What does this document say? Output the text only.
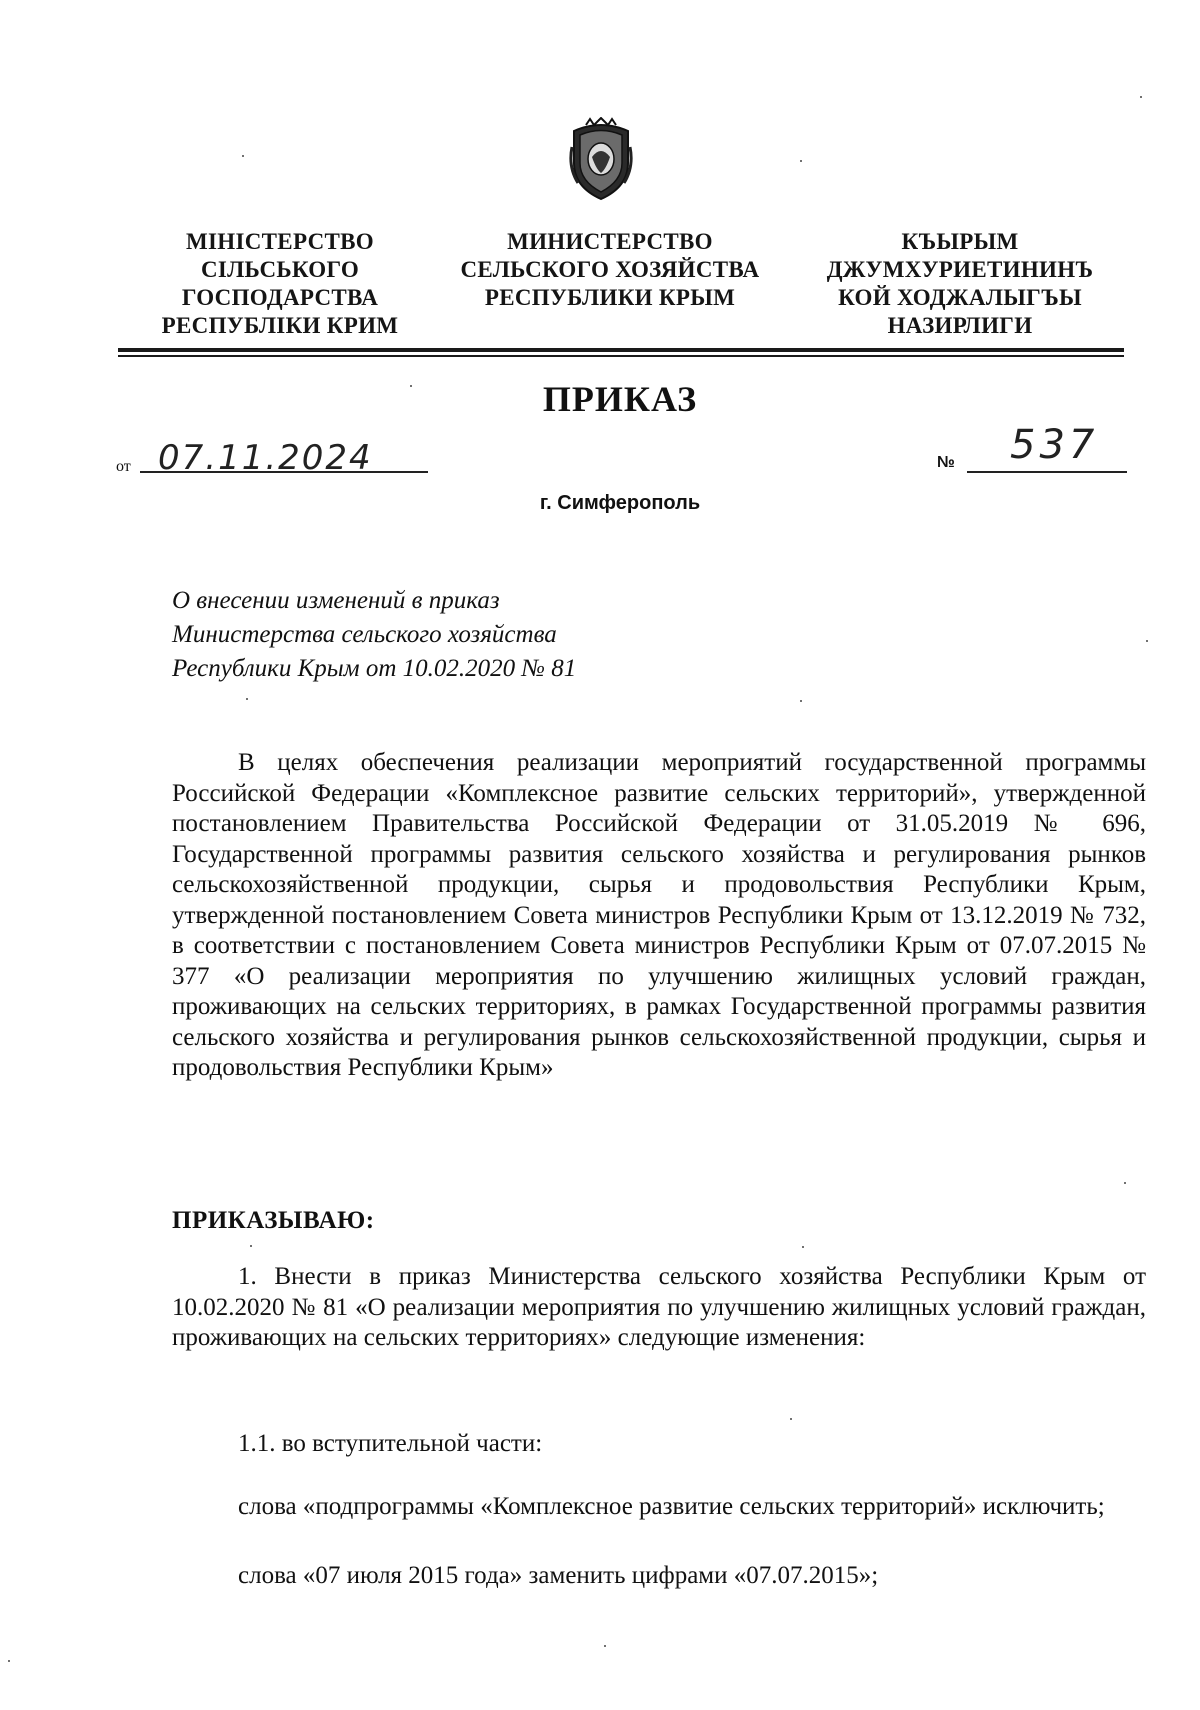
МІНІСТЕРСТВО
СІЛЬСЬКОГО
ГОСПОДАРСТВА
РЕСПУБЛІКИ КРИМ
МИНИСТЕРСТВО
СЕЛЬСКОГО ХОЗЯЙСТВА
РЕСПУБЛИКИ КРЫМ
КЪЫРЫМ
ДЖУМХУРИЕТИНИНЪ
КОЙ ХОДЖАЛЫГЪЫ
НАЗИРЛИГИ
ПРИКАЗ
от 07.11.2024	№ 537
г. Симферополь
О внесении изменений в приказ
Министерства сельского хозяйства
Республики Крым от 10.02.2020 № 81
В целях обеспечения реализации мероприятий государственной программы Российской Федерации «Комплексное развитие сельских территорий», утвержденной постановлением Правительства Российской Федерации от 31.05.2019 № 696, Государственной программы развития сельского хозяйства и регулирования рынков сельскохозяйственной продукции, сырья и продовольствия Республики Крым, утвержденной постановлением Совета министров Республики Крым от 13.12.2019 № 732, в соответствии с постановлением Совета министров Республики Крым от 07.07.2015 № 377 «О реализации мероприятия по улучшению жилищных условий граждан, проживающих на сельских территориях, в рамках Государственной программы развития сельского хозяйства и регулирования рынков сельскохозяйственной продукции, сырья и продовольствия Республики Крым»
ПРИКАЗЫВАЮ:
1. Внести в приказ Министерства сельского хозяйства Республики Крым от 10.02.2020 № 81 «О реализации мероприятия по улучшению жилищных условий граждан, проживающих на сельских территориях» следующие изменения:
1.1. во вступительной части:
слова «подпрограммы «Комплексное развитие сельских территорий» исключить;
слова «07 июля 2015 года» заменить цифрами «07.07.2015»;
